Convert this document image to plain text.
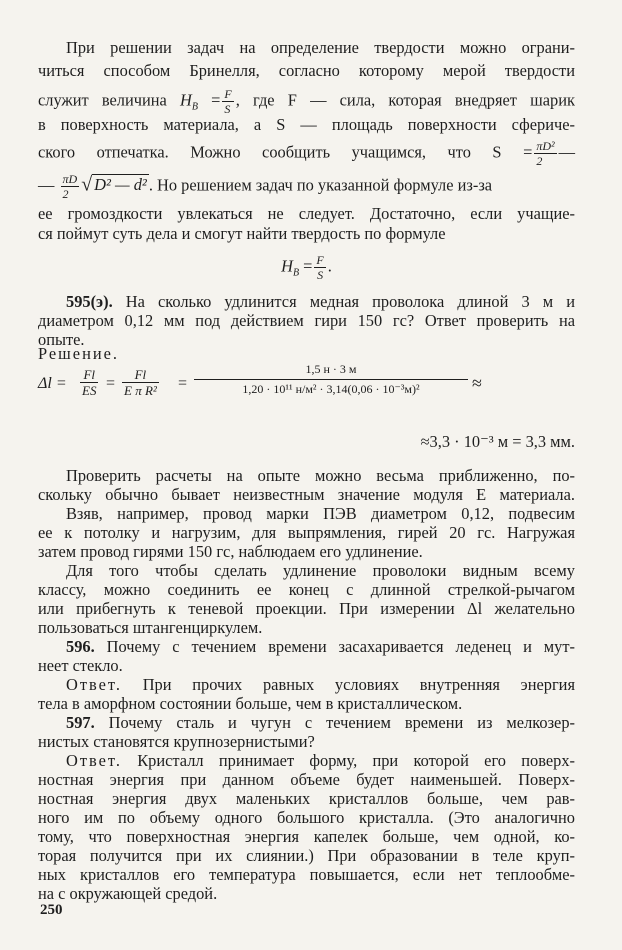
При решении задач на определение твердости можно ограни-
читься способом Бринелля, согласно которому мерой твердости
служит величина $H_B = \frac{F}{S}$ , где F — сила, которая внедряет шарик
в поверхность материала, а S — площадь поверхности сфериче-
ского отпечатка. Можно сообщить учащимся, что $S = \frac{\text{πD²}}{2}$ —
— $\frac{\pi D}{2}$ √ D² — d² . Но решением задач по указанной формуле из-за
ее громоздкости увлекаться не следует. Достаточно, если учащие-
ся поймут суть дела и смогут найти твердость по формуле
$H_B = \frac{F}{S}$ .
595(э). На сколько удлинится медная проволока длиной 3 м и
диаметром 0,12 мм под действием гири 150 гс? Ответ проверить на
опыте.
Решение.
$\Delta l = \frac{Fl}{ES} = \frac{Fl}{\text{E π R²}}$ =
1,5 н · 3 м
1,20 · 10¹¹ н/м² · 3,14(0,06 · 10⁻³м)²	≈
≈3,3 · 10⁻³ м = 3,3 мм.
Проверить расчеты на опыте можно весьма приближенно, по-
скольку обычно бывает неизвестным значение модуля E материала.
Взяв, например, провод марки ПЭВ диаметром 0,12, подвесим
ее к потолку и нагрузим, для выпрямления, гирей 20 гс. Нагружая
затем провод гирями 150 гс, наблюдаем его удлинение.
Для того чтобы сделать удлинение проволоки видным всему
классу, можно соединить ее конец с длинной стрелкой-рычагом
или прибегнуть к теневой проекции. При измерении Δl желательно
пользоваться штангенциркулем.
596. Почему с течением времени засахаривается леденец и мут-
неет стекло.
Ответ. При прочих равных условиях внутренняя энергия
тела в аморфном состоянии больше, чем в кристаллическом.
597. Почему сталь и чугун с течением времени из мелкозер-
нистых становятся крупнозернистыми?
Ответ. Кристалл принимает форму, при которой его поверх-
ностная энергия при данном объеме будет наименьшей. Поверх-
ностная энергия двух маленьких кристаллов больше, чем рав-
ного им по объему одного большого кристалла. (Это аналогично
тому, что поверхностная энергия капелек больше, чем одной, ко-
торая получится при их слиянии.) При образовании в теле круп-
ных кристаллов его температура повышается, если нет теплообме-
на с окружающей средой.
250
